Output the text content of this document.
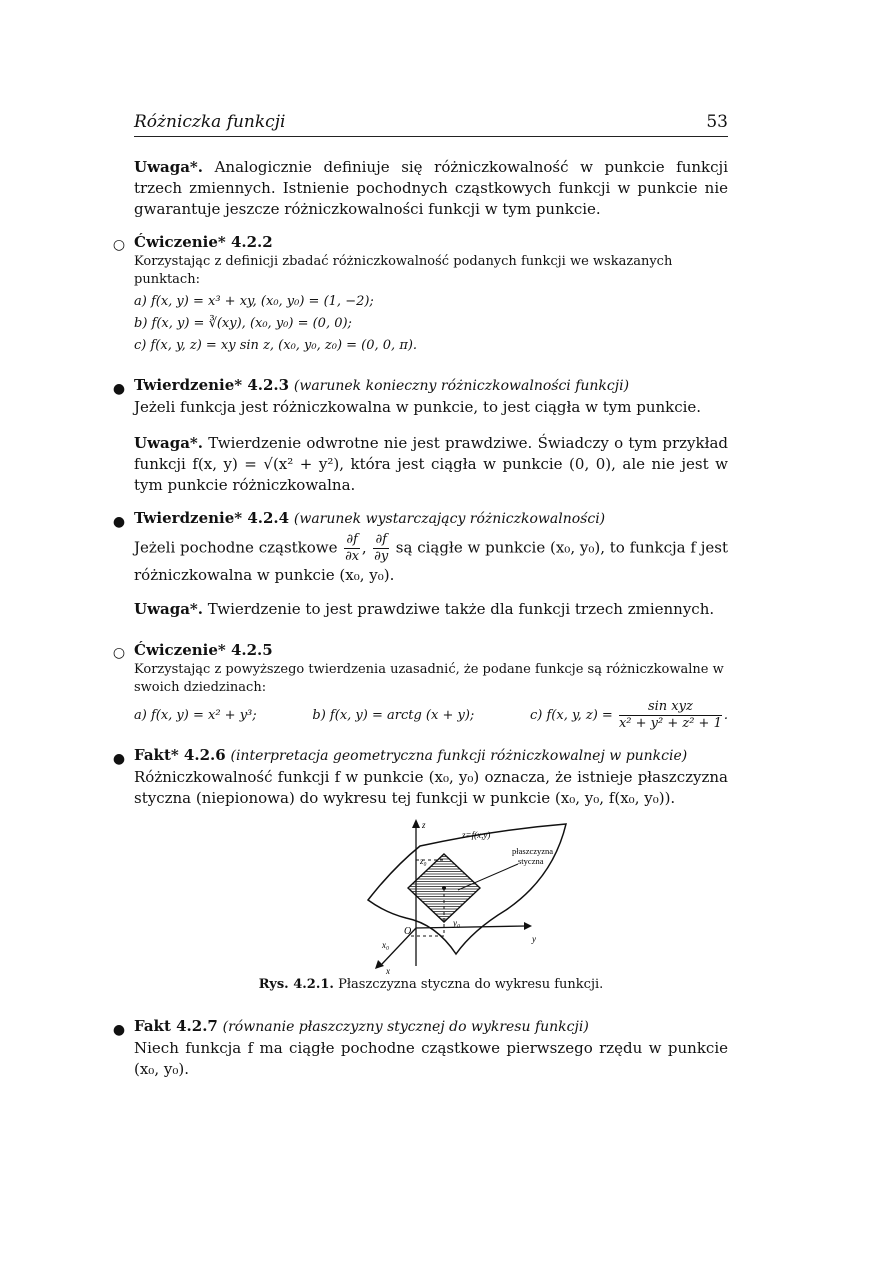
Różniczka funkcji	53

Uwaga*. Analogicznie definiuje się różniczkowalność w punkcie funkcji trzech zmiennych. Istnienie pochodnych cząstkowych funkcji w punkcie nie gwarantuje jeszcze różniczkowalności funkcji w tym punkcie.

○

Ćwiczenie* 4.2.2

Korzystając z definicji zbadać różniczkowalność podanych funkcji we wskazanych punktach:

a) f(x, y) = x³ + xy, (x₀, y₀) = (1, −2);

b) f(x, y) = ∛(xy), (x₀, y₀) = (0, 0);

c) f(x, y, z) = xy sin z, (x₀, y₀, z₀) = (0, 0, π).

●

Twierdzenie* 4.2.3 (warunek konieczny różniczkowalności funkcji)

Jeżeli funkcja jest różniczkowalna w punkcie, to jest ciągła w tym punkcie.

Uwaga*. Twierdzenie odwrotne nie jest prawdziwe. Świadczy o tym przykład funkcji f(x, y) = √(x² + y²), która jest ciągła w punkcie (0, 0), ale nie jest w tym punkcie różniczkowalna.

●

Twierdzenie* 4.2.4 (warunek wystarczający różniczkowalności)

Jeżeli pochodne cząstkowe $\frac{\partial f}{\partial x}$ , $\frac{\partial f}{\partial y}$ są ciągłe w punkcie (x₀, y₀), to funkcja f jest różniczkowalna w punkcie (x₀, y₀).

Uwaga*. Twierdzenie to jest prawdziwe także dla funkcji trzech zmiennych.

○

Ćwiczenie* 4.2.5

Korzystając z powyższego twierdzenia uzasadnić, że podane funkcje są różniczkowalne w swoich dziedzinach:

a) f(x, y) = x² + y³;	b) f(x, y) = arctg (x + y);	c) f(x, y, $z) = \frac{\text{sin xyz}}{\text{x² + y² + z² + 1}}$ .
●

Fakt* 4.2.6 (interpretacja geometryczna funkcji różniczkowalnej w punkcie)

Różniczkowalność funkcji f w punkcie (x₀, y₀) oznacza, że istnieje płaszczyzna styczna (niepionowa) do wykresu tej funkcji w punkcie (x₀, y₀, f(x₀, y₀)).

z
z=f(x,y)
płaszczyzna
styczna
z₀
y₀
O
x₀
y
x
Rys. 4.2.1. Płaszczyzna styczna do wykresu funkcji.
●

Fakt 4.2.7 (równanie płaszczyzny stycznej do wykresu funkcji)

Niech funkcja f ma ciągłe pochodne cząstkowe pierwszego rzędu w punkcie (x₀, y₀).
